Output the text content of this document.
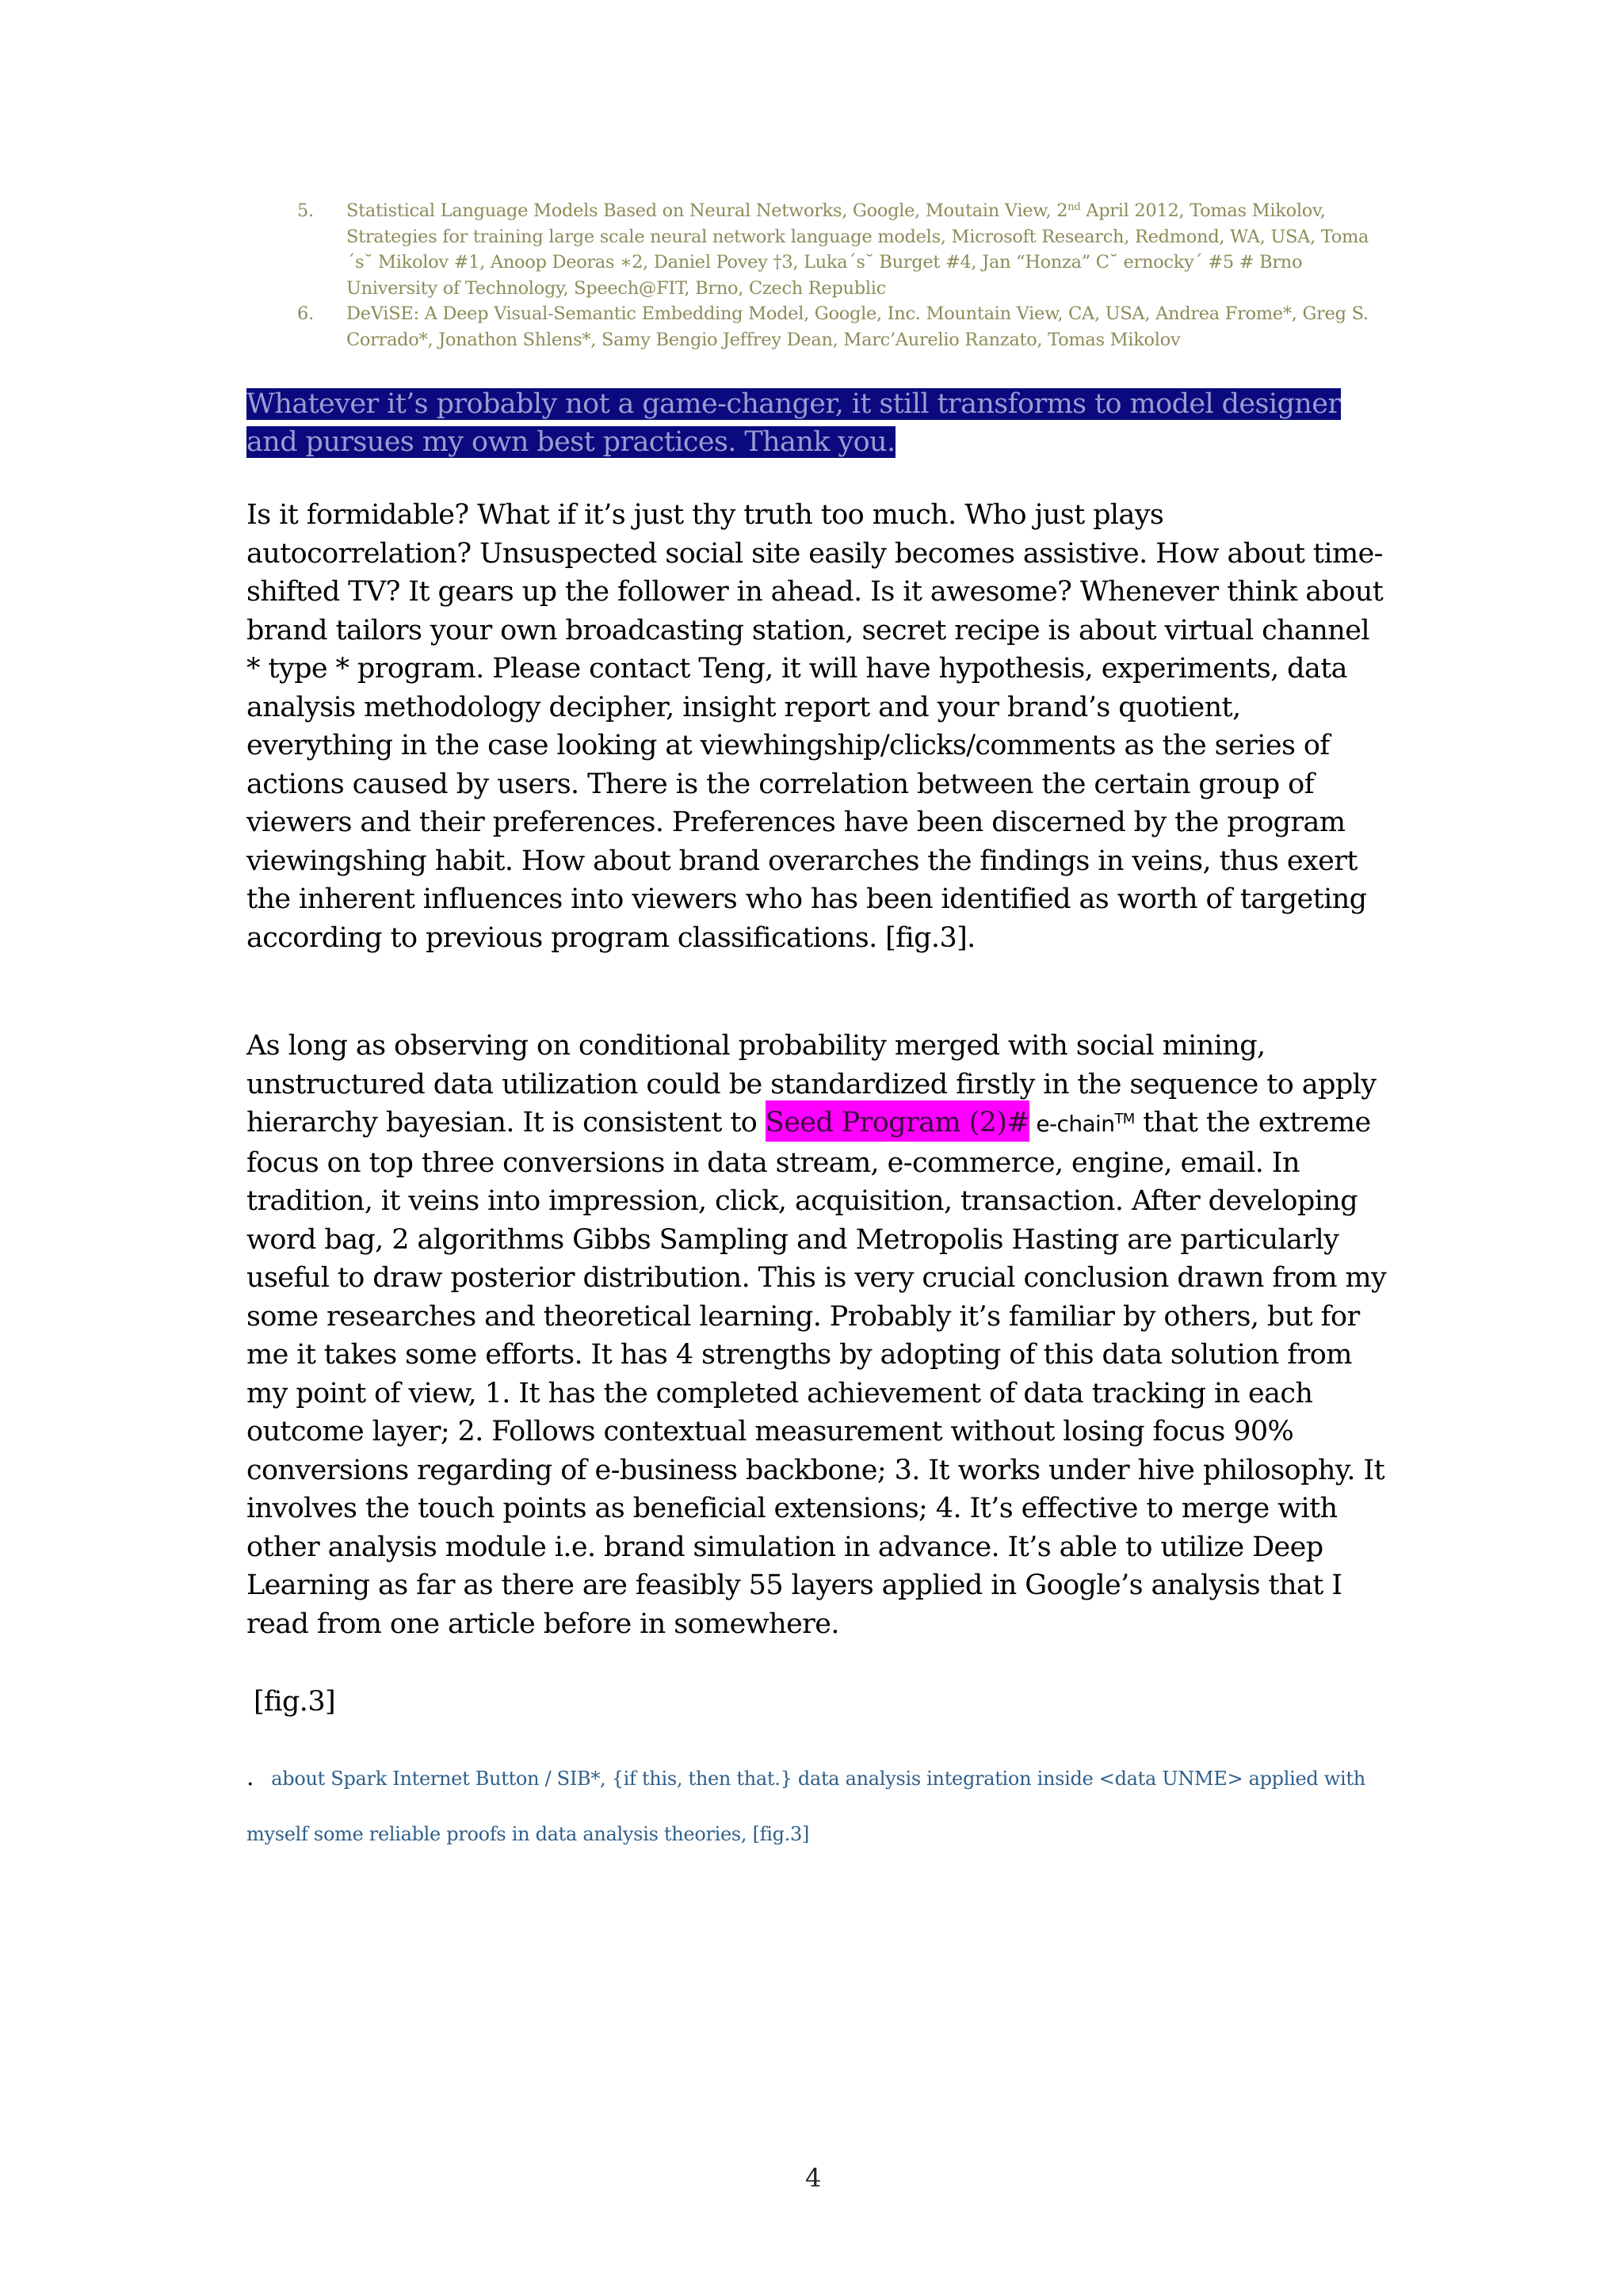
5.	Statistical Language Models Based on Neural Networks, Google, Moutain View, 2nd April 2012, Tomas Mikolov, Strategies for training large scale neural network language models, Microsoft Research, Redmond, WA, USA, Toma´s˘ Mikolov #1, Anoop Deoras ∗2, Daniel Povey †3, Luka´s˘ Burget #4, Jan “Honza” C˘ ernocky´ #5 # Brno University of Technology, Speech@FIT, Brno, Czech Republic
6.	DeViSE: A Deep Visual-Semantic Embedding Model, Google, Inc. Mountain View, CA, USA, Andrea Frome*, Greg S. Corrado*, Jonathon Shlens*, Samy Bengio Jeffrey Dean, Marc’Aurelio Ranzato, Tomas Mikolov
Whatever it’s probably not a game-changer, it still transforms to model designer
and pursues my own best practices. Thank you.

Is it formidable? What if it’s just thy truth too much. Who just plays autocorrelation? Unsuspected social site easily becomes assistive. How about time-shifted TV? It gears up the follower in ahead. Is it awesome? Whenever think about brand tailors your own broadcasting station, secret recipe is about virtual channel * type * program. Please contact Teng, it will have hypothesis, experiments, data analysis methodology decipher, insight report and your brand’s quotient, everything in the case looking at viewhingship/clicks/comments as the series of actions caused by users. There is the correlation between the certain group of viewers and their preferences. Preferences have been discerned by the program viewingshing habit. How about brand overarches the findings in veins, thus exert the inherent influences into viewers who has been identified as worth of targeting according to previous program classifications. [fig.3].

As long as observing on conditional probability merged with social mining, unstructured data utilization could be standardized firstly in the sequence to apply hierarchy bayesian. It is consistent to Seed Program (2)# e-chain™ that the extreme focus on top three conversions in data stream, e-commerce, engine, email. In tradition, it veins into impression, click, acquisition, transaction. After developing word bag, 2 algorithms Gibbs Sampling and Metropolis Hasting are particularly useful to draw posterior distribution. This is very crucial conclusion drawn from my some researches and theoretical learning. Probably it’s familiar by others, but for me it takes some efforts. It has 4 strengths by adopting of this data solution from my point of view, 1. It has the completed achievement of data tracking in each outcome layer; 2. Follows contextual measurement without losing focus 90% conversions regarding of e-business backbone; 3. It works under hive philosophy. It involves the touch points as beneficial extensions; 4. It’s effective to merge with other analysis module i.e. brand simulation in advance. It’s able to utilize Deep Learning as far as there are feasibly 55 layers applied in Google’s analysis that I read from one article before in somewhere.

[fig.3]
. about Spark Internet Button / SIB*, {if this, then that.} data analysis integration inside <data UNME> applied with
myself some reliable proofs in data analysis theories, [fig.3]
4
